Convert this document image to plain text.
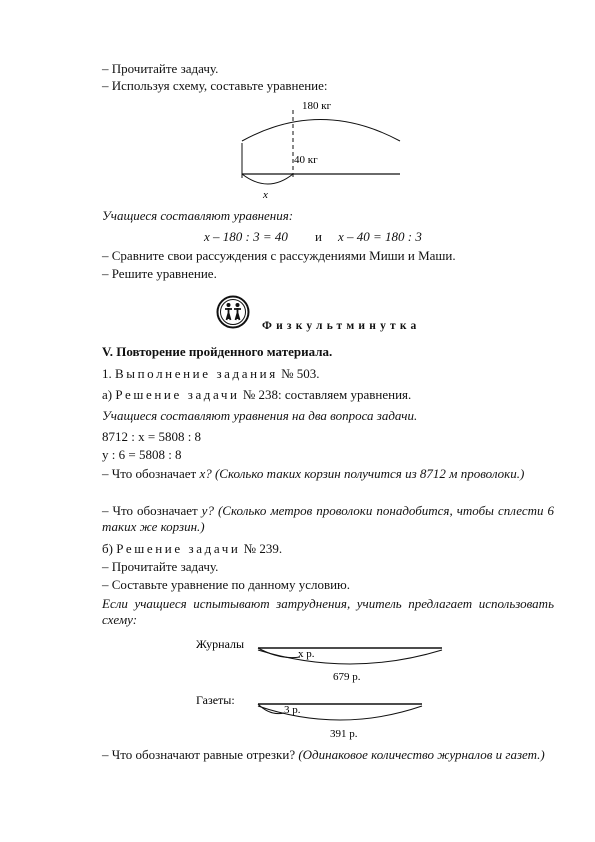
– Прочитайте задачу.
– Используя схему, составьте уравнение:
180 кг
40 кг
x
Учащиеся составляют уравнения:
x – 180 : 3 = 40 и x – 40 = 180 : 3
– Сравните свои рассуждения с рассуждениями Миши и Маши.
– Решите уравнение.
Физкультминутка
V. Повторение пройденного материала.
1. Выполнение задания № 503.
а) Решение задачи № 238: составляем уравнения.
Учащиеся составляют уравнения на два вопроса задачи.
8712 : x = 5808 : 8
y : 6 = 5808 : 8
– Что обозначает x? (Сколько таких корзин получится из 8712 м проволоки.)
– Что обозначает y? (Сколько метров проволоки понадобится, чтобы сплести 6 таких же корзин.)
б) Решение задачи № 239.
– Прочитайте задачу.
– Составьте уравнение по данному условию.
Если учащиеся испытывают затруднения, учитель предлагает использовать схему:
Журналы
x р.
679 р.
Газеты:
3 р.
391 р.
– Что обозначают равные отрезки? (Одинаковое количество журналов и газет.)
